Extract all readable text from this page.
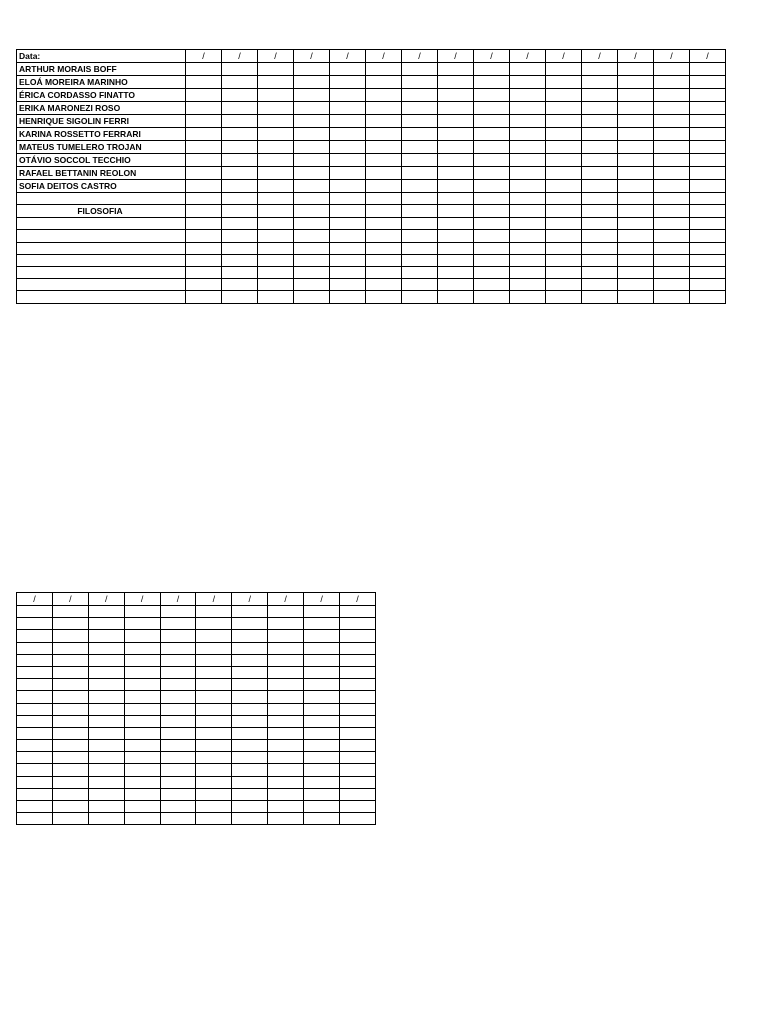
Data:	/	/	/	/	/	/	/	/	/	/	/	/	/	/	/
ARTHUR MORAIS BOFF															
ELOÁ MOREIRA MARINHO															
ÉRICA CORDASSO FINATTO															
ERIKA MARONEZI ROSO															
HENRIQUE SIGOLIN FERRI															
KARINA ROSSETTO FERRARI															
MATEUS TUMELERO TROJAN															
OTÁVIO SOCCOL TECCHIO															
RAFAEL BETTANIN REOLON															
SOFIA DEITOS CASTRO															

FILOSOFIA															

/	/	/	/	/	/	/	/	/	/
